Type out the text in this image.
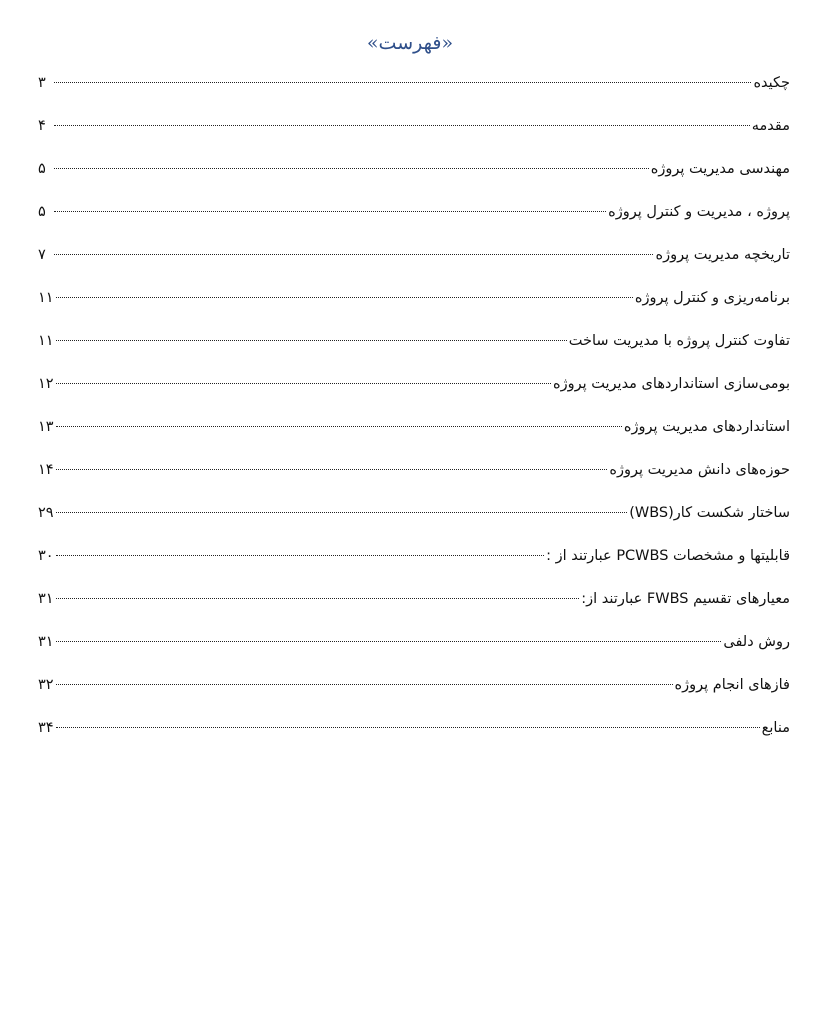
«فهرست»
چکیده
۳
مقدمه
۴
مهندسی مدیریت پروژه
۵
پروژه ، مدیریت و کنترل پروژه
۵
تاریخچه مدیریت پروژه
۷
برنامه‌ریزی و کنترل پروژه
۱۱
تفاوت کنترل پروژه با مدیریت ساخت
۱۱
بومی‌سازی استانداردهای مدیریت پروژه
۱۲
استانداردهای مدیریت پروژه
۱۳
حوزه‌های دانش مدیریت پروژه
۱۴
ساختار شکست کار(WBS)
۲۹
قابلیتها و مشخصات PCWBS عبارتند از :
۳۰
معیارهای تقسیم FWBS عبارتند از:
۳۱
روش دلفی
۳۱
فازهای انجام پروژه
۳۲
منابع
۳۴
